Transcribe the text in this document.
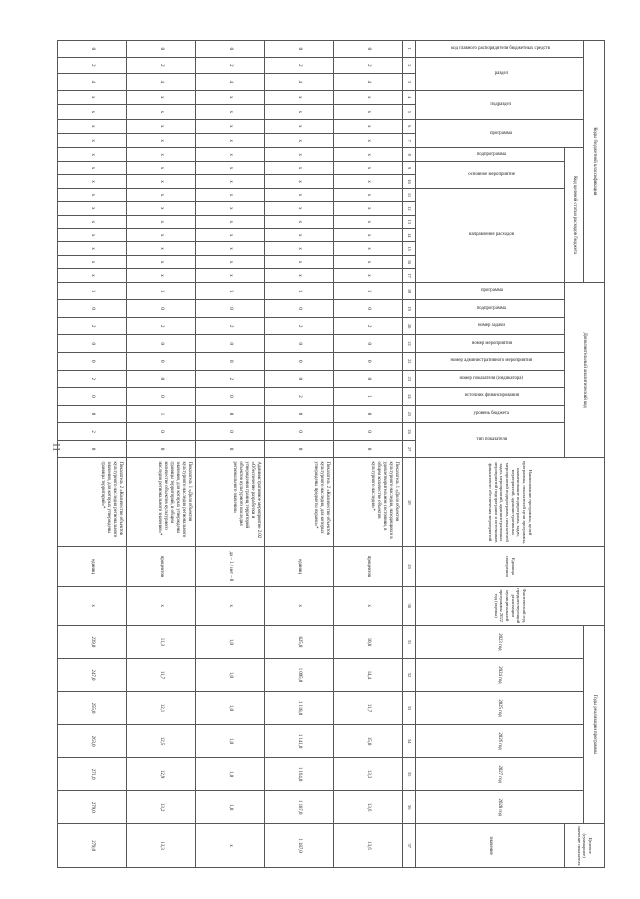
11
Коды бюджетной классификации																	Дополнительный аналитический код										Наименование программы, целей программы, показателей цели программы, наименование подпрограмм, задач, мероприятий, административных мероприятий подпрограмм, показателей задач, мероприятий, административных мероприятий подпрограмм и источников финансового обеспечения мероприятий	Единица измерения	Фактический год, предшествующий реализации муниципальной программы 2022 год (оценка)	Годы реализации программы						Целевое (суммарное) значение показателя
код главного распорядителя бюджетных средств	раздел		подраздел		программа		Код целевой статьи расходов бюджета																							2023 год	2024 год	2025 год	2026 год	2027 год	2028 год	
							подпрограмма	основное мероприятие		направление расходов							программа	подпрограмма	номер задачи	номер мероприятия	номер административного мероприятия	номер показателя (индикатора)	источник финансирования	уровень бюджета	тип показателя											значение
1	2	3	4	5	6	7	8	9	10	11	12	13	14	15	16	17	18	19	20	21	22	23	24	25	26	27	28	29	30	31	32	33	34	35	36	37
0	2	4	х	х	х	х	х	х	х	х	х	х	х	х	х	х	1	0	2	0	0	0	1	0	0	0	Показатель 1 «Доля объектов культурного наследия, находящихся в удовлетворительном состоянии, в общем количестве объектов культурного наследия»*	процентов	х	10,8	14,4	11,7	15,0	13,3	13,6	13,6
0	2	4	х	х	х	х	х	х	х	х	х	х	х	х	х	х	1	0	2	0	0	0	2	0	0	0	Показатель 2 «Количество объектов культурного наследия, для которых утверждены предметы охраны»*	единиц	х	825,0	1 095,0	1 118,0	1 141,0	1 164,0	1 187,0	1 187,0
0	2	4	х	х	х	х	х	х	х	х	х	х	х	х	х	х	1	0	2	0	0	2	0	0	0	0	Административное мероприятие 2.02 «Обеспечение разработки и утверждения границ территорий объектов культурного наследия регионального значения»	да – 1 / нет – 0	х	1,0	1,0	1,0	1,0	1,0	1,0	х
0	2	4	х	х	х	х	х	х	х	х	х	х	х	х	х	х	1	0	2	0	0	0	0	1	0	0	Показатель 1 «Доля объектов культурного наследия регионального значения, для которых утверждены границы территорий, в общем количестве объектов культурного наследия регионального значения»*	процентов	х	11,3	11,7	12,1	12,5	12,9	13,2	13,3
0	2	4	х	х	х	х	х	х	х	х	х	х	х	х	х	х	1	0	2	0	0	2	0	0	2	0	Показатель 2 «Количество объектов культурного наследия регионального значения, для которых утверждены границы территорий»*	единиц	х	239,0	247,0	255,0	263,0	271,0	279,0	279,0
